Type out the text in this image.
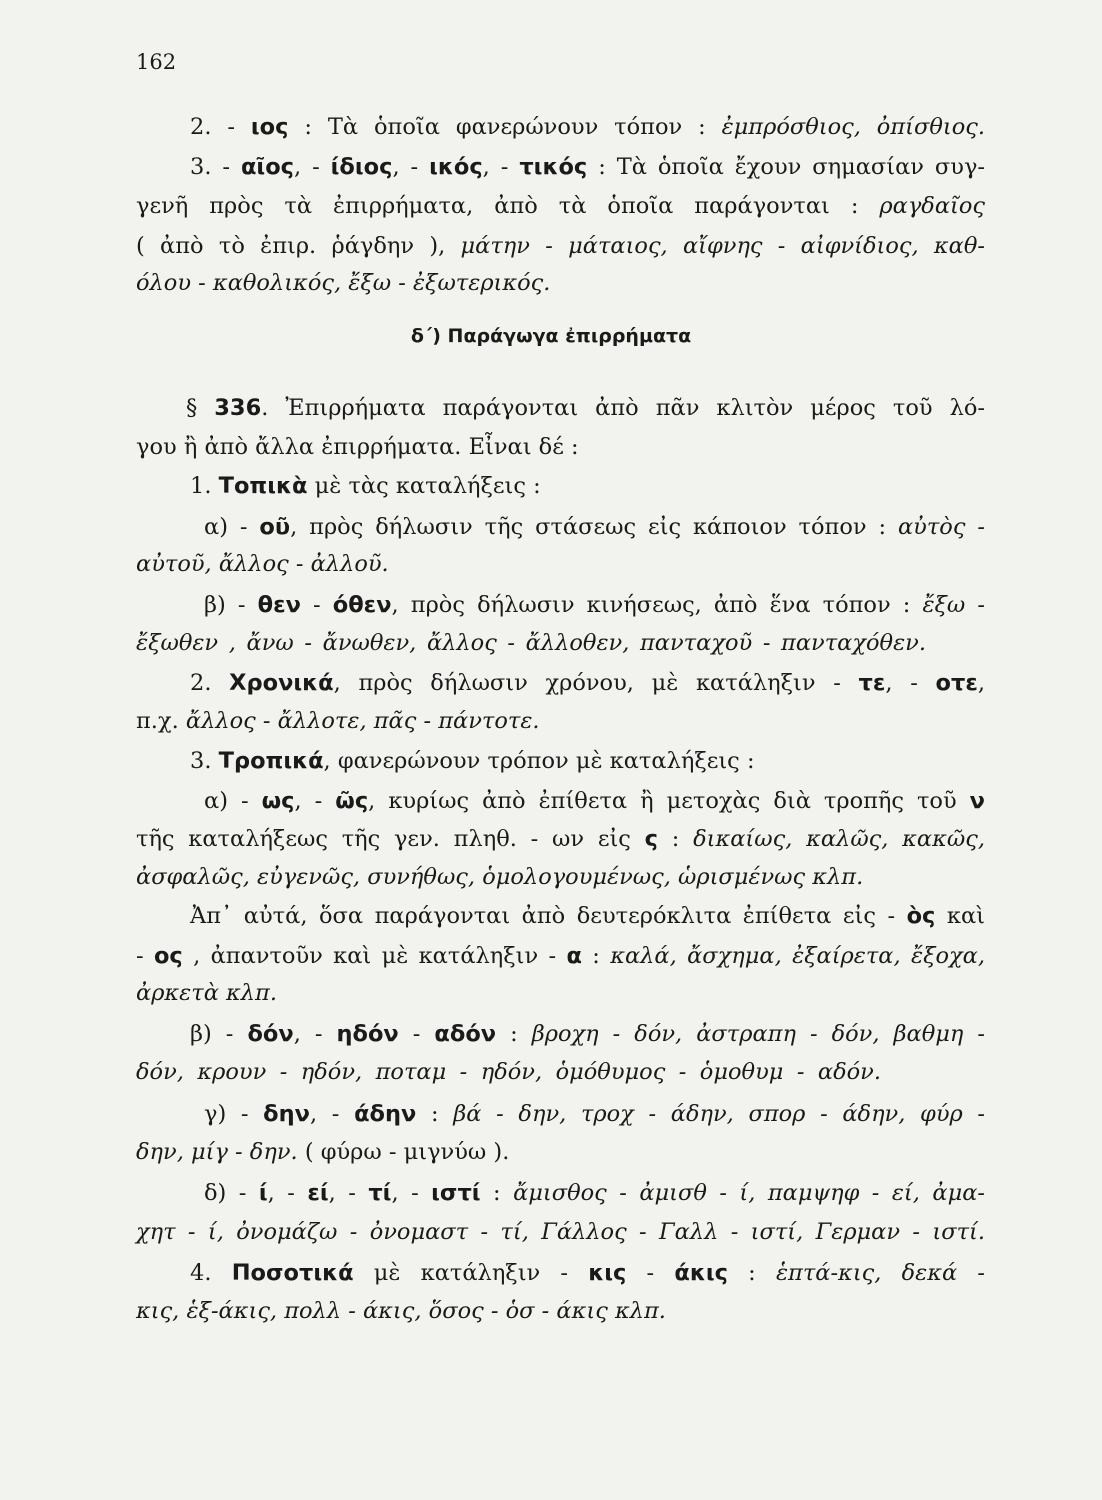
162
δ΄) Παράγωγα ἐπιρρήματα
2. - ιος : Τὰ ὁποῖα φανερώνουν τόπον : ἐμπρόσθιος, ὀπίσθιος.
3. - αῖος, - ίδιος, - ικός, - τικός : Τὰ ὁποῖα ἔχουν σημασίαν συγ-
γενῆ πρὸς τὰ ἐπιρρήματα, ἀπὸ τὰ ὁποῖα παράγονται : ραγδαῖος
( ἀπὸ τὸ ἐπιρ. ῥάγδην ), μάτην - μάταιος, αἴφνης - αἰφνίδιος, καθ-
όλου - καθολικός, ἔξω - ἐξωτερικός.
§ 336. Ἐπιρρήματα παράγονται ἀπὸ πᾶν κλιτὸν μέρος τοῦ λό-
γου ἢ ἀπὸ ἄλλα ἐπιρρήματα. Εἶναι δέ :
1. Τοπικὰ μὲ τὰς καταλήξεις :
α) - οῦ, πρὸς δήλωσιν τῆς στάσεως εἰς κάποιον τόπον : αὐτὸς -
αὐτοῦ, ἄλλος - ἀλλοῦ.
β) - θεν - όθεν, πρὸς δήλωσιν κινήσεως, ἀπὸ ἕνα τόπον : ἔξω -
ἔξωθεν , ἄνω - ἄνωθεν, ἄλλος - ἄλλοθεν, πανταχοῦ - πανταχόθεν.
2. Χρονικά, πρὸς δήλωσιν χρόνου, μὲ κατάληξιν - τε, - οτε,
π.χ. ἄλλος - ἄλλοτε, πᾶς - πάντοτε.
3. Τροπικά, φανερώνουν τρόπον μὲ καταλήξεις :
α) - ως, - ῶς, κυρίως ἀπὸ ἐπίθετα ἢ μετοχὰς διὰ τροπῆς τοῦ ν
τῆς καταλήξεως τῆς γεν. πληθ. - ων εἰς ς : δικαίως, καλῶς, κακῶς,
ἀσφαλῶς, εὐγενῶς, συνήθως, ὁμολογουμένως, ὡρισμένως κλπ.
Ἀπ᾿ αὐτά, ὅσα παράγονται ἀπὸ δευτερόκλιτα ἐπίθετα εἰς - ὸς καὶ
- ος , ἀπαντοῦν καὶ μὲ κατάληξιν - α : καλά, ἄσχημα, ἐξαίρετα, ἔξοχα,
ἀρκετὰ κλπ.
β) - δόν, - ηδόν - αδόν : βροχη - δόν, ἀστραπη - δόν, βαθμη -
δόν, κρουν - ηδόν, ποταμ - ηδόν, ὁμόθυμος - ὁμοθυμ - αδόν.
γ) - δην, - άδην : βά - δην, τροχ - άδην, σπορ - άδην, φύρ -
δην, μίγ - δην. ( φύρω - μιγνύω ).
δ) - ί, - εί, - τί, - ιστί : ἄμισθος - ἀμισθ - ί, παμψηφ - εί, ἀμα-
χητ - ί, ὀνομάζω - ὀνομαστ - τί, Γάλλος - Γαλλ - ιστί, Γερμαν - ιστί.
4. Ποσοτικά μὲ κατάληξιν - κις - άκις : ἑπτά-κις, δεκά -
κις, ἑξ-άκις, πολλ - άκις, ὅσος - ὁσ - άκις κλπ.
